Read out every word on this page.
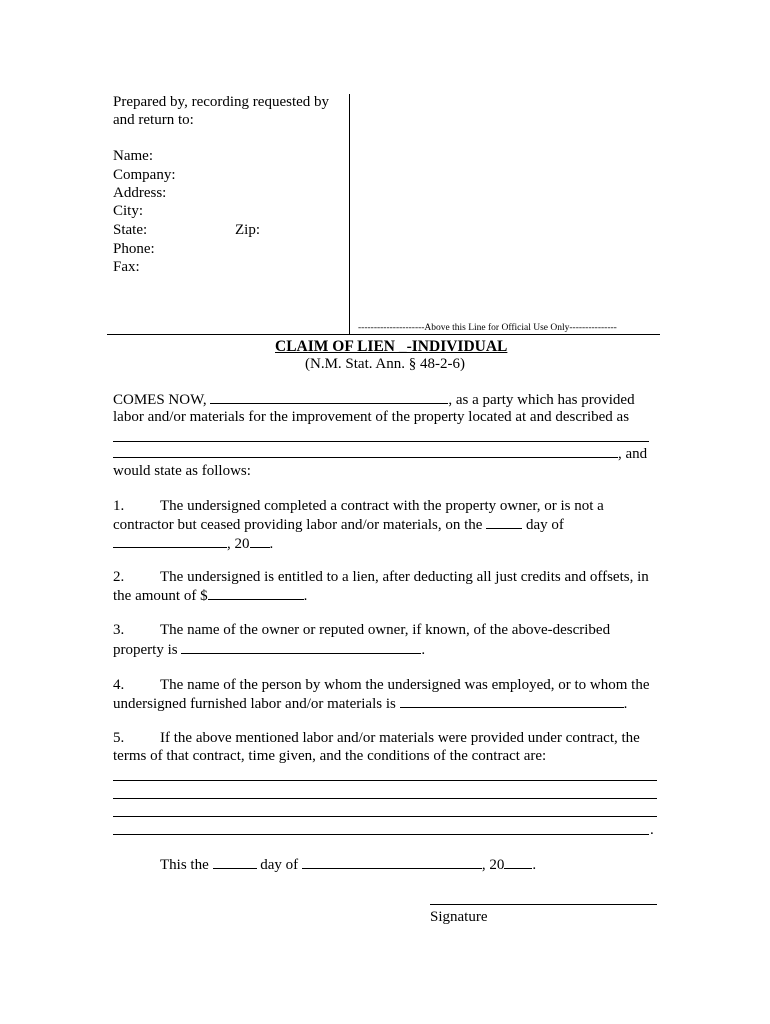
Prepared by, recording requested by
and return to:
Name:
Company:
Address:
City:
State:	Zip:
Phone:
Fax:
---------------------Above this Line for Official Use Only---------------
CLAIM OF LIEN _-INDIVIDUAL
(N.M. Stat. Ann. § 48-2-6)
COMES NOW,	, as a party which has provided
labor and/or materials for the improvement of the property located at and described as
, and
would state as follows:
1. The undersigned completed a contract with the property owner, or is not a
contractor but ceased providing labor and/or materials, on the	day of
, 20 .
2. The undersigned is entitled to a lien, after deducting all just credits and offsets, in
the amount of $	.
3. The name of the owner or reputed owner, if known, of the above-described
property is	.
4. The name of the person by whom the undersigned was employed, or to whom the
undersigned furnished labor and/or materials is	.
5. If the above mentioned labor and/or materials were provided under contract, the
terms of that contract, time given, and the conditions of the contract are:
.
This the	day of	, 20 .
Signature
